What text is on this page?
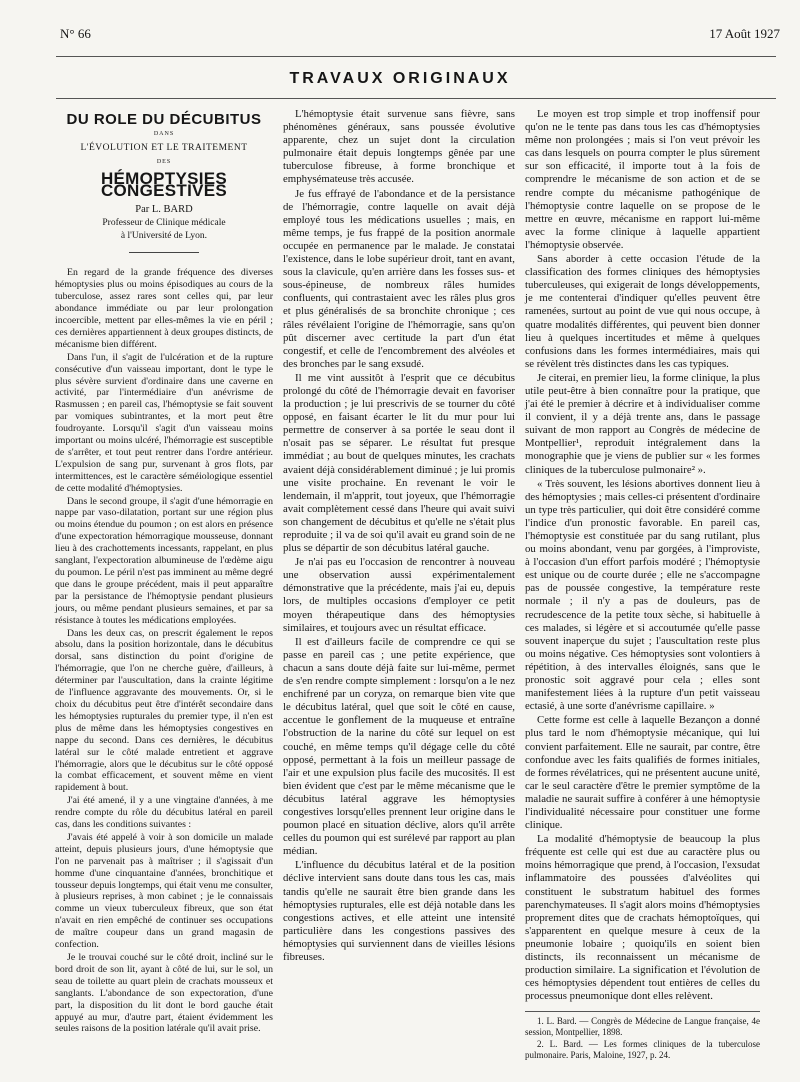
N° 66	17 Août 1927
TRAVAUX ORIGINAUX
DU ROLE DU DÉCUBITUS
DANS
L'ÉVOLUTION ET LE TRAITEMENT
DES
HÉMOPTYSIES CONGESTIVES
Par L. BARD
Professeur de Clinique médicale
à l'Université de Lyon.

En regard de la grande fréquence des diverses hémoptysies plus ou moins épisodiques au cours de la tuberculose, assez rares sont celles qui, par leur abondance immédiate ou par leur prolongation incoercible, mettent par elles-mêmes la vie en péril ; ces dernières appartiennent à deux groupes distincts, de mécanisme bien différent.

Dans l'un, il s'agit de l'ulcération et de la rupture consécutive d'un vaisseau important, dont le type le plus sévère survient d'ordinaire dans une caverne en activité, par l'intermédiaire d'un anévrisme de Rasmussen ; en pareil cas, l'hémoptysie se fait souvent par vomiques subintrantes, et la mort peut être foudroyante. Lorsqu'il s'agit d'un vaisseau moins important ou moins ulcéré, l'hémorragie est susceptible de s'arrêter, et tout peut rentrer dans l'ordre antérieur. L'expulsion de sang pur, survenant à gros flots, par intermittences, est le caractère séméiologique essentiel de cette modalité d'hémoptysies.

Dans le second groupe, il s'agit d'une hémorragie en nappe par vaso-dilatation, portant sur une région plus ou moins étendue du poumon ; on est alors en présence d'une expectoration hémorragique mousseuse, donnant lieu à des crachottements incessants, rappelant, en plus sanglant, l'expectoration albumineuse de l'œdème aigu du poumon. Le péril n'est pas imminent au même degré que dans le groupe précédent, mais il peut apparaître par la persistance de l'hémoptysie pendant plusieurs jours, ou même pendant plusieurs semaines, et par sa résistance à toutes les médications employées.

Dans les deux cas, on prescrit également le repos absolu, dans la position horizontale, dans le décubitus dorsal, sans distinction du point d'origine de l'hémorragie, que l'on ne cherche guère, d'ailleurs, à déterminer par l'auscultation, dans la crainte légitime de l'influence aggravante des mouvements. Or, si le choix du décubitus peut être d'intérêt secondaire dans les hémoptysies rupturales du premier type, il n'en est plus de même dans les hémoptysies congestives en nappe du second. Dans ces dernières, le décubitus latéral sur le côté malade entretient et aggrave l'hémorragie, alors que le décubitus sur le côté opposé la combat efficacement, et souvent même en vient rapidement à bout.

J'ai été amené, il y a une vingtaine d'années, à me rendre compte du rôle du décubitus latéral en pareil cas, dans les conditions suivantes :

J'avais été appelé à voir à son domicile un malade atteint, depuis plusieurs jours, d'une hémoptysie que l'on ne parvenait pas à maîtriser ; il s'agissait d'un homme d'une cinquantaine d'années, bronchitique et tousseur depuis longtemps, qui était venu me consulter, à plusieurs reprises, à mon cabinet ; je le connaissais comme un vieux tuberculeux fibreux, que son état n'avait en rien empêché de continuer ses occupations de maître coupeur dans un grand magasin de confection.

Je le trouvai couché sur le côté droit, incliné sur le bord droit de son lit, ayant à côté de lui, sur le sol, un seau de toilette au quart plein de crachats mousseux et sanglants. L'abondance de son expectoration, d'une part, la disposition du lit dont le bord gauche était appuyé au mur, d'autre part, étaient évidemment les seules raisons de la position latérale qu'il avait prise.

L'hémoptysie était survenue sans fièvre, sans phénomènes généraux, sans poussée évolutive apparente, chez un sujet dont la circulation pulmonaire était depuis longtemps gênée par une tuberculose fibreuse, à forme bronchique et emphysémateuse très accusée.

Je fus effrayé de l'abondance et de la persistance de l'hémorragie, contre laquelle on avait déjà employé tous les médications usuelles ; mais, en même temps, je fus frappé de la position anormale occupée en permanence par le malade. Je constatai l'existence, dans le lobe supérieur droit, tant en avant, sous la clavicule, qu'en arrière dans les fosses sus- et sous-épineuse, de nombreux râles humides confluents, qui contrastaient avec les râles plus gros et plus généralisés de sa bronchite chronique ; ces râles révélaient l'origine de l'hémorragie, sans qu'on pût discerner avec certitude la part d'un état congestif, et celle de l'encombrement des alvéoles et des bronches par le sang exsudé.

Il me vint aussitôt à l'esprit que ce décubitus prolongé du côté de l'hémorragie devait en favoriser la production ; je lui prescrivis de se tourner du côté opposé, en faisant écarter le lit du mur pour lui permettre de conserver à sa portée le seau dont il n'osait pas se séparer. Le résultat fut presque immédiat ; au bout de quelques minutes, les crachats avaient déjà considérablement diminué ; je lui promis une visite prochaine. En revenant le voir le lendemain, il m'apprit, tout joyeux, que l'hémorragie avait complètement cessé dans l'heure qui avait suivi son changement de décubitus et qu'elle ne s'était plus reproduite ; il va de soi qu'il avait eu grand soin de ne plus se départir de son décubitus latéral gauche.

Je n'ai pas eu l'occasion de rencontrer à nouveau une observation aussi expérimentalement démonstrative que la précédente, mais j'ai eu, depuis lors, de multiples occasions d'employer ce petit moyen thérapeutique dans des hémoptysies similaires, et toujours avec un résultat efficace.

Il est d'ailleurs facile de comprendre ce qui se passe en pareil cas ; une petite expérience, que chacun a sans doute déjà faite sur lui-même, permet de s'en rendre compte simplement : lorsqu'on a le nez enchifrené par un coryza, on remarque bien vite que le décubitus latéral, quel que soit le côté en cause, accentue le gonflement de la muqueuse et entraîne l'obstruction de la narine du côté sur lequel on est couché, en même temps qu'il dégage celle du côté opposé, permettant à la fois un meilleur passage de l'air et une expulsion plus facile des mucosités. Il est bien évident que c'est par le même mécanisme que le décubitus latéral aggrave les hémoptysies congestives lorsqu'elles prennent leur origine dans le poumon placé en situation déclive, alors qu'il arrête celles du poumon qui est surélevé par rapport au plan médian.

L'influence du décubitus latéral et de la position déclive intervient sans doute dans tous les cas, mais tandis qu'elle ne saurait être bien grande dans les hémoptysies rupturales, elle est déjà notable dans les congestions actives, et elle atteint une intensité particulière dans les congestions passives des hémoptysies qui surviennent dans de vieilles lésions fibreuses.

Le moyen est trop simple et trop inoffensif pour qu'on ne le tente pas dans tous les cas d'hémoptysies même non prolongées ; mais si l'on veut prévoir les cas dans lesquels on pourra compter le plus sûrement sur son efficacité, il importe tout à la fois de comprendre le mécanisme de son action et de se rendre compte du mécanisme pathogénique de l'hémoptysie contre laquelle on se propose de le mettre en œuvre, mécanisme en rapport lui-même avec la forme clinique à laquelle appartient l'hémoptysie observée.

Sans aborder à cette occasion l'étude de la classification des formes cliniques des hémoptysies tuberculeuses, qui exigerait de longs développements, je me contenterai d'indiquer qu'elles peuvent être ramenées, surtout au point de vue qui nous occupe, à quatre modalités différentes, qui peuvent bien donner lieu à quelques incertitudes et même à quelques confusions dans les formes intermédiaires, mais qui se révèlent très distinctes dans les cas typiques.

Je citerai, en premier lieu, la forme clinique, la plus utile peut-être à bien connaître pour la pratique, que j'ai été le premier à décrire et à individualiser comme il convient, il y a déjà trente ans, dans le passage suivant de mon rapport au Congrès de médecine de Montpellier¹, reproduit intégralement dans la monographie que je viens de publier sur « les formes cliniques de la tuberculose pulmonaire² ».

« Très souvent, les lésions abortives donnent lieu à des hémoptysies ; mais celles-ci présentent d'ordinaire un type très particulier, qui doit être considéré comme l'indice d'un pronostic favorable. En pareil cas, l'hémoptysie est constituée par du sang rutilant, plus ou moins abondant, venu par gorgées, à l'improviste, à l'occasion d'un effort parfois modéré ; l'hémoptysie est unique ou de courte durée ; elle ne s'accompagne pas de poussée congestive, la température reste normale ; il n'y a pas de douleurs, pas de recrudescence de la petite toux sèche, si habituelle à ces malades, si légère et si accoutumée qu'elle passe souvent inaperçue du sujet ; l'auscultation reste plus ou moins négative. Ces hémoptysies sont volontiers à répétition, à des intervalles éloignés, sans que le pronostic soit aggravé pour cela ; elles sont manifestement liées à la rupture d'un petit vaisseau ectasié, à une sorte d'anévrisme capillaire. »

Cette forme est celle à laquelle Bezançon a donné plus tard le nom d'hémoptysie mécanique, qui lui convient parfaitement. Elle ne saurait, par contre, être confondue avec les faits qualifiés de formes initiales, de formes révélatrices, qui ne présentent aucune unité, car le seul caractère d'être le premier symptôme de la maladie ne saurait suffire à conférer à une hémoptysie l'individualité nécessaire pour constituer une forme clinique.

La modalité d'hémoptysie de beaucoup la plus fréquente est celle qui est due au caractère plus ou moins hémorragique que prend, à l'occasion, l'exsudat inflammatoire des poussées d'alvéolites qui constituent le substratum habituel des formes parenchymateuses. Il s'agit alors moins d'hémoptysies proprement dites que de crachats hémoptoïques, qui s'apparentent en quelque mesure à ceux de la pneumonie lobaire ; quoiqu'ils en soient bien distincts, ils reconnaissent un mécanisme de production similaire. La signification et l'évolution de ces hémoptysies dépendent tout entières de celles du processus pneumonique dont elles relèvent.

1. L. Bard. — Congrès de Médecine de Langue française, 4e session, Montpellier, 1898.

2. L. Bard. — Les formes cliniques de la tuberculose pulmonaire. Paris, Maloine, 1927, p. 24.
